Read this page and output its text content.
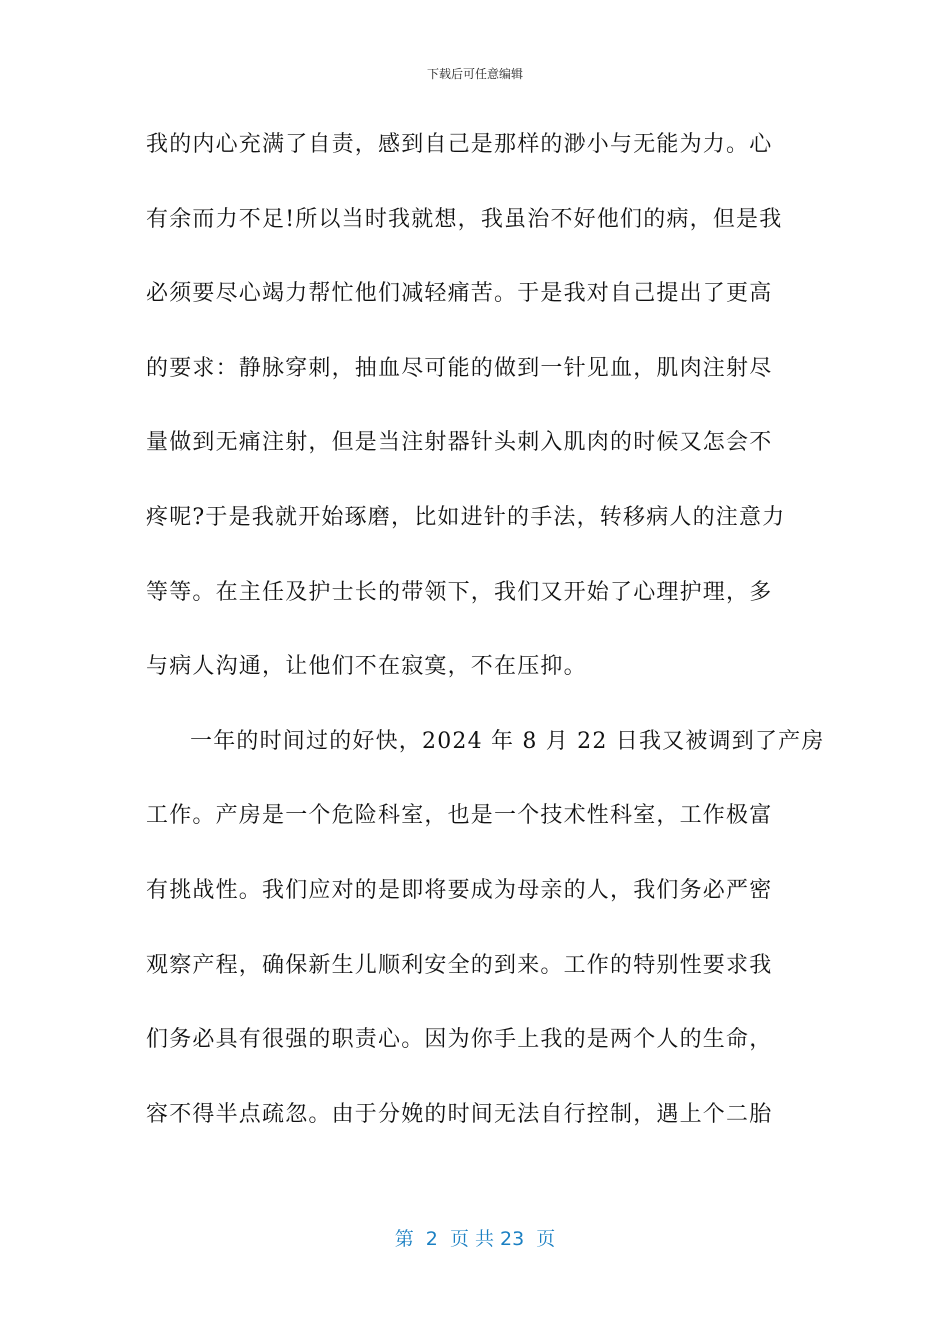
下载后可任意编辑
我的内心充满了自责，感到自己是那样的渺小与无能为力。心
有余而力不足!所以当时我就想，我虽治不好他们的病，但是我
必须要尽心竭力帮忙他们减轻痛苦。于是我对自己提出了更高
的要求：静脉穿刺，抽血尽可能的做到一针见血，肌肉注射尽
量做到无痛注射，但是当注射器针头刺入肌肉的时候又怎会不
疼呢?于是我就开始琢磨，比如进针的手法，转移病人的注意力
等等。在主任及护士长的带领下，我们又开始了心理护理，多
与病人沟通，让他们不在寂寞，不在压抑。
一年的时间过的好快，2024 年 8 月 22 日我又被调到了产房
工作。产房是一个危险科室，也是一个技术性科室，工作极富
有挑战性。我们应对的是即将要成为母亲的人，我们务必严密
观察产程，确保新生儿顺利安全的到来。工作的特别性要求我
们务必具有很强的职责心。因为你手上我的是两个人的生命，
容不得半点疏忽。由于分娩的时间无法自行控制，遇上个二胎
第  2  页 共 23  页
